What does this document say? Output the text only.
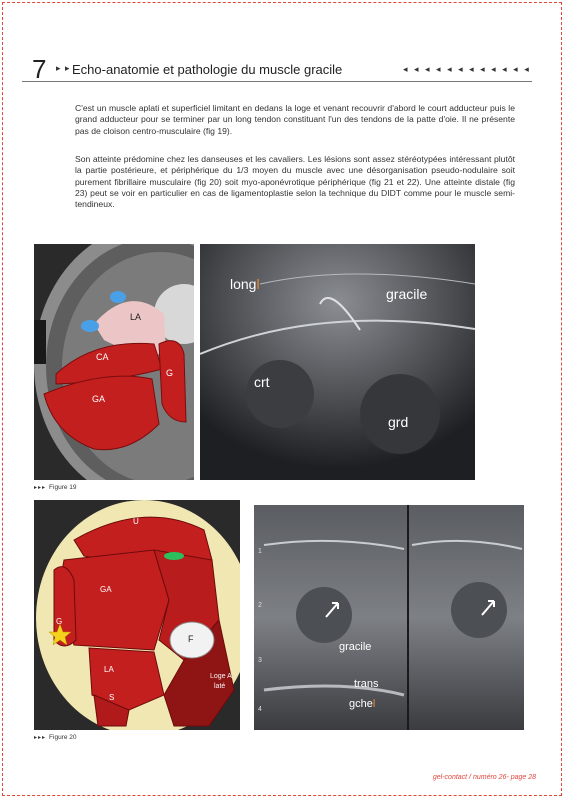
7 ▸ ▸ Echo-anatomie et pathologie du muscle gracile	◂ ◂ ◂ ◂ ◂ ◂ ◂ ◂ ◂ ◂ ◂ ◂

C'est un muscle aplati et superficiel limitant en dedans la loge et venant recouvrir d'abord le court adducteur puis le grand adducteur pour se terminer par un long tendon constituant l'un des tendons de la patte d'oie. Il ne présente pas de cloison centro-musculaire (fig 19).

Son atteinte prédomine chez les danseuses et les cavaliers. Les lésions sont assez stéréotypées intéressant plutôt la partie postérieure, et périphérique du 1/3 moyen du muscle avec une désorganisation pseudo-nodulaire soit purement fibrillaire musculaire (fig 20) soit myo-aponévrotique périphérique (fig 21 et 22). Une atteinte distale (fig 23) peut se voir en particulier en cas de ligamentoplastie selon la technique du DIDT comme pour le muscle semi-tendineux.

LA
CA
GA
G
longl
gracile
crt
grd
▸▸▸ Figure 19
U
GA
G
LA
S
F
Loge A
laté
1
2
3
4
gracile
trans
gchel
▸▸▸ Figure 20
gel-contact / numéro 26- page 28
